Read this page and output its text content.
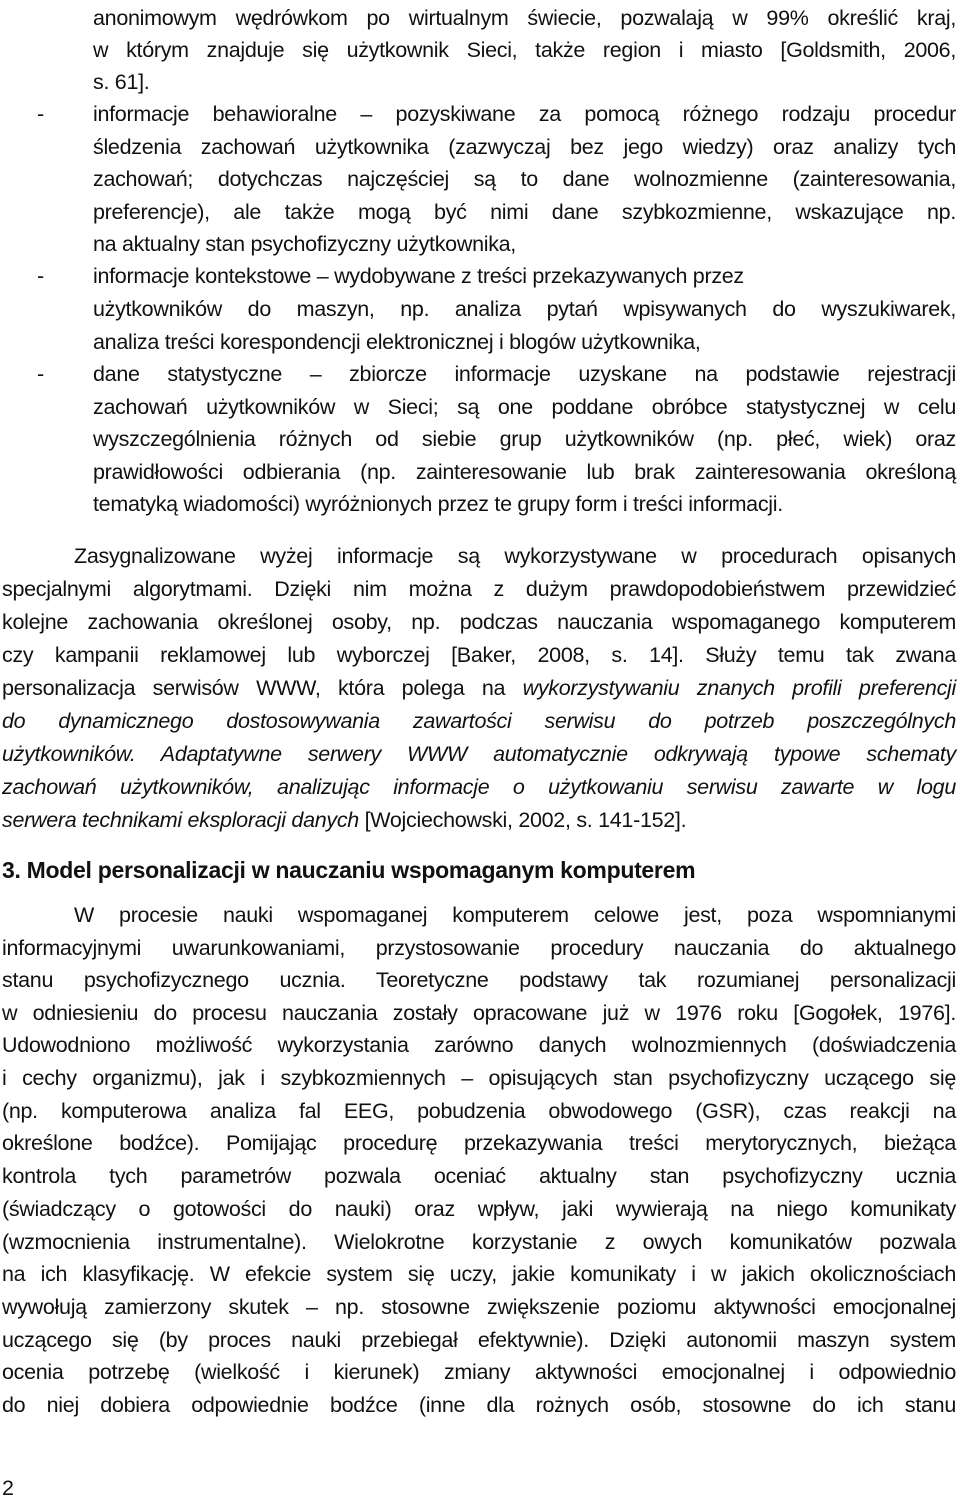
anonimowym wędrówkom po wirtualnym świecie, pozwalają w 99% określić kraj,
w którym znajduje się użytkownik Sieci, także region i miasto [Goldsmith, 2006,
s. 61].
- informacje behawioralne – pozyskiwane za pomocą różnego rodzaju procedur
śledzenia zachowań użytkownika (zazwyczaj bez jego wiedzy) oraz analizy tych
zachowań; dotychczas najczęściej są to dane wolnozmienne (zainteresowania,
preferencje), ale także mogą być nimi dane szybkozmienne, wskazujące np.
na aktualny stan psychofizyczny użytkownika,
- informacje kontekstowe – wydobywane z treści przekazywanych przez
użytkowników do maszyn, np. analiza pytań wpisywanych do wyszukiwarek,
analiza treści korespondencji elektronicznej i blogów użytkownika,
- dane statystyczne – zbiorcze informacje uzyskane na podstawie rejestracji
zachowań użytkowników w Sieci; są one poddane obróbce statystycznej w celu
wyszczególnienia różnych od siebie grup użytkowników (np. płeć, wiek) oraz
prawidłowości odbierania (np. zainteresowanie lub brak zainteresowania określoną
tematyką wiadomości) wyróżnionych przez te grupy form i treści informacji.
Zasygnalizowane wyżej informacje są wykorzystywane w procedurach opisanych
specjalnymi algorytmami. Dzięki nim można z dużym prawdopodobieństwem przewidzieć
kolejne zachowania określonej osoby, np. podczas nauczania wspomaganego komputerem
czy kampanii reklamowej lub wyborczej [Baker, 2008, s. 14]. Służy temu tak zwana
personalizacja serwisów WWW, która polega na wykorzystywaniu znanych profili preferencji
do dynamicznego dostosowywania zawartości serwisu do potrzeb poszczególnych
użytkowników. Adaptatywne serwery WWW automatycznie odkrywają typowe schematy
zachowań użytkowników, analizując informacje o użytkowaniu serwisu zawarte w logu
serwera technikami eksploracji danych [Wojciechowski, 2002, s. 141-152].
3. Model personalizacji w nauczaniu wspomaganym komputerem
W procesie nauki wspomaganej komputerem celowe jest, poza wspomnianymi
informacyjnymi uwarunkowaniami, przystosowanie procedury nauczania do aktualnego
stanu psychofizycznego ucznia. Teoretyczne podstawy tak rozumianej personalizacji
w odniesieniu do procesu nauczania zostały opracowane już w 1976 roku [Gogołek, 1976].
Udowodniono możliwość wykorzystania zarówno danych wolnozmiennych (doświadczenia
i cechy organizmu), jak i szybkozmiennych – opisujących stan psychofizyczny uczącego się
(np. komputerowa analiza fal EEG, pobudzenia obwodowego (GSR), czas reakcji na
określone bodźce). Pomijając procedurę przekazywania treści merytorycznych, bieżąca
kontrola tych parametrów pozwala oceniać aktualny stan psychofizyczny ucznia
(świadczący o gotowości do nauki) oraz wpływ, jaki wywierają na niego komunikaty
(wzmocnienia instrumentalne). Wielokrotne korzystanie z owych komunikatów pozwala
na ich klasyfikację. W efekcie system się uczy, jakie komunikaty i w jakich okolicznościach
wywołują zamierzony skutek – np. stosowne zwiększenie poziomu aktywności emocjonalnej
uczącego się (by proces nauki przebiegał efektywnie). Dzięki autonomii maszyn system
ocenia potrzebę (wielkość i kierunek) zmiany aktywności emocjonalnej i odpowiednio
do niej dobiera odpowiednie bodźce (inne dla rożnych osób, stosowne do ich stanu
2
